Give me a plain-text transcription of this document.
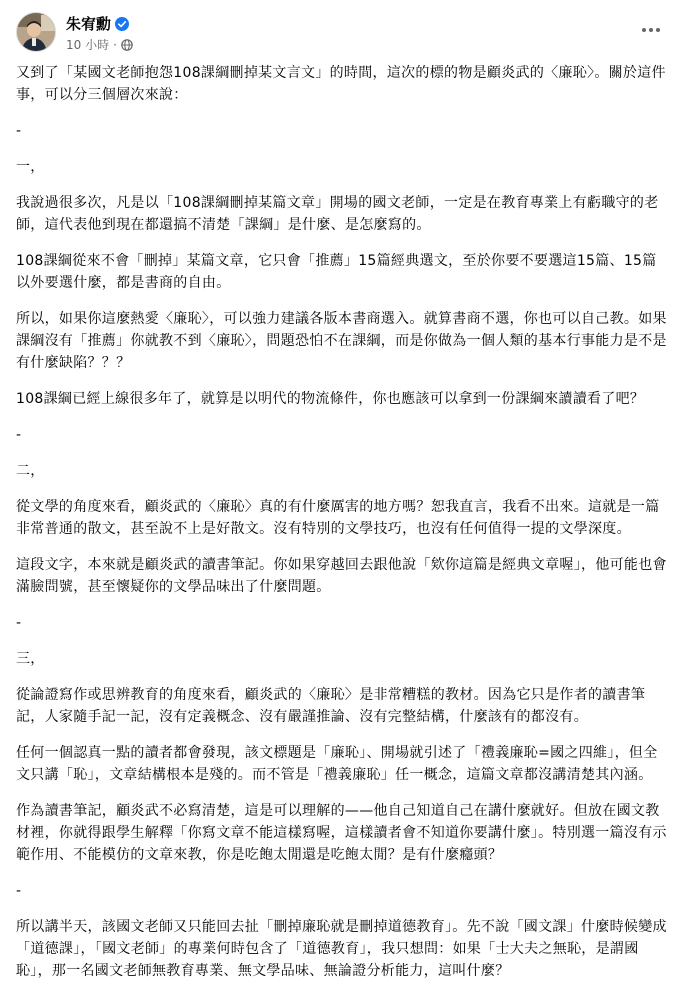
朱宥勳
10 小時 ·

又到了「某國文老師抱怨108課綱刪掉某文言文」的時間，這次的標的物是顧炎武的〈廉恥〉。關於這件事，可以分三個層次來說：

-

一，

我說過很多次，凡是以「108課綱刪掉某篇文章」開場的國文老師，一定是在教育專業上有虧職守的老師，這代表他到現在都還搞不清楚「課綱」是什麼、是怎麼寫的。

108課綱從來不會「刪掉」某篇文章，它只會「推薦」15篇經典選文，至於你要不要選這15篇、15篇以外要選什麼，都是書商的自由。

所以，如果你這麼熱愛〈廉恥〉，可以強力建議各版本書商選入。就算書商不選，你也可以自己教。如果課綱沒有「推薦」你就教不到〈廉恥〉，問題恐怕不在課綱，而是你做為一個人類的基本行事能力是不是有什麼缺陷？？？

108課綱已經上線很多年了，就算是以明代的物流條件，你也應該可以拿到一份課綱來讀讀看了吧？

-

二，

從文學的角度來看，顧炎武的〈廉恥〉真的有什麼厲害的地方嗎？恕我直言，我看不出來。這就是一篇非常普通的散文，甚至說不上是好散文。沒有特別的文學技巧，也沒有任何值得一提的文學深度。

這段文字，本來就是顧炎武的讀書筆記。你如果穿越回去跟他說「欸你這篇是經典文章喔」，他可能也會滿臉問號，甚至懷疑你的文學品味出了什麼問題。

-

三，

從論證寫作或思辨教育的角度來看，顧炎武的〈廉恥〉是非常糟糕的教材。因為它只是作者的讀書筆記，人家隨手記一記，沒有定義概念、沒有嚴謹推論、沒有完整結構，什麼該有的都沒有。

任何一個認真一點的讀者都會發現，該文標題是「廉恥」、開場就引述了「禮義廉恥=國之四維」，但全文只講「恥」，文章結構根本是殘的。而不管是「禮義廉恥」任一概念，這篇文章都沒講清楚其內涵。

作為讀書筆記，顧炎武不必寫清楚，這是可以理解的——他自己知道自己在講什麼就好。但放在國文教材裡，你就得跟學生解釋「你寫文章不能這樣寫喔，這樣讀者會不知道你要講什麼」。特別選一篇沒有示範作用、不能模仿的文章來教，你是吃飽太閒還是吃飽太閒？是有什麼癮頭？

-

所以講半天，該國文老師又只能回去扯「刪掉廉恥就是刪掉道德教育」。先不說「國文課」什麼時候變成「道德課」，「國文老師」的專業何時包含了「道德教育」，我只想問：如果「士大夫之無恥，是謂國恥」，那一名國文老師無教育專業、無文學品味、無論證分析能力，這叫什麼？
